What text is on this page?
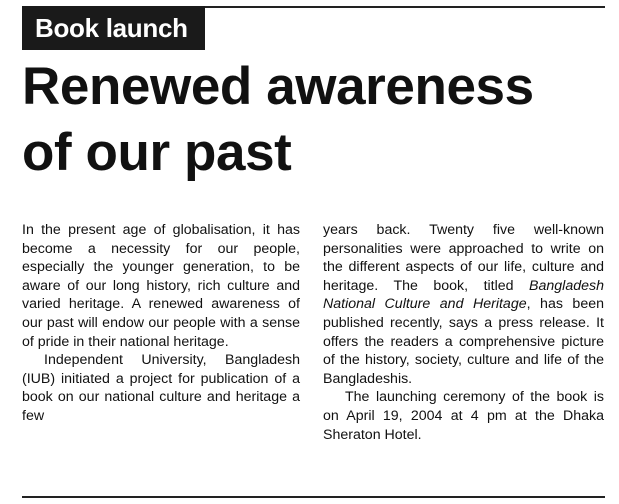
Book launch
Renewed awareness
of our past

In the present age of globalisation, it has become a necessity for our people, especially the younger generation, to be aware of our long history, rich culture and varied heritage. A renewed awareness of our past will endow our people with a sense of pride in their national heritage.

Independent University, Bangladesh (IUB) initiated a project for publication of a book on our national culture and heritage a few

years back. Twenty five well-known personalities were approached to write on the different aspects of our life, culture and heritage. The book, titled Bangladesh National Culture and Heritage, has been published recently, says a press release. It offers the readers a comprehensive picture of the history, society, culture and life of the Bangladeshis.

The launching ceremony of the book is on April 19, 2004 at 4 pm at the Dhaka Sheraton Hotel.
